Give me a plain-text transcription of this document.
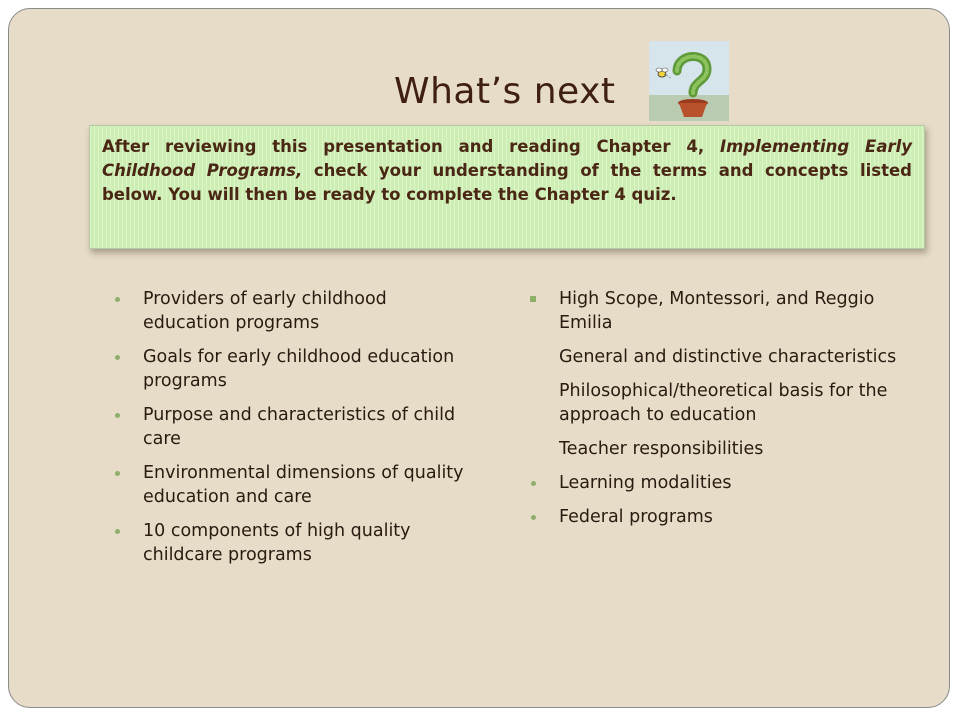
What’s next

After reviewing this presentation and reading Chapter 4, Implementing Early Childhood Programs, check your understanding of the terms and concepts listed below. You will then be ready to complete the Chapter 4 quiz.

Providers of early childhood education programs
Goals for early childhood education programs
Purpose and characteristics of child care
Environmental dimensions of quality education and care
10 components of high quality childcare programs
High Scope, Montessori, and Reggio Emilia
General and distinctive characteristics
Philosophical/theoretical basis for the approach to education
Teacher responsibilities
Learning modalities
Federal programs
